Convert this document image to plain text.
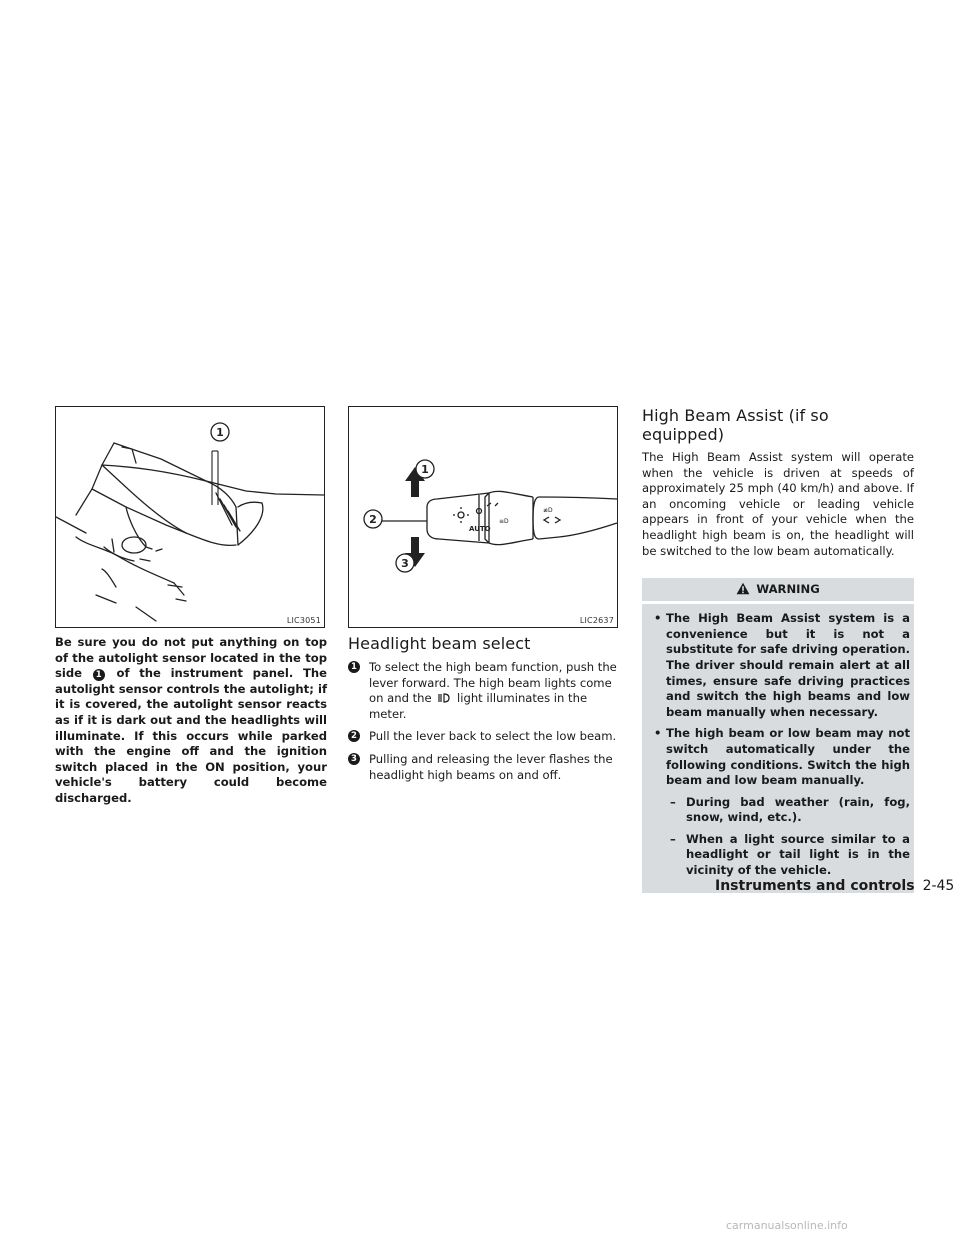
1
LIC3051

Be sure you do not put anything on top of the autolight sensor located in the top side 1 of the instrument panel. The autolight sensor controls the autolight; if it is covered, the autolight sensor reacts as if it is dark out and the headlights will illuminate. If this occurs while parked with the engine off and the ignition switch placed in the ON position, your vehicle's battery could become discharged.

AUTO
≡D
≢D
1
2
3
LIC2637
Headlight beam select
1 To select the high beam function, push the lever forward. The high beam lights come on and the light illuminates in the meter.
2 Pull the lever back to select the low beam.
3 Pulling and releasing the lever flashes the headlight high beams on and off.
High Beam Assist (if so equipped)

The High Beam Assist system will operate when the vehicle is driven at speeds of approximately 25 mph (40 km/h) and above. If an oncoming vehicle or leading vehicle appears in front of your vehicle when the headlight high beam is on, the headlight will be switched to the low beam automatically.

WARNING
• The High Beam Assist system is a convenience but it is not a substitute for safe driving operation. The driver should remain alert at all times, ensure safe driving practices and switch the high beams and low beam manually when necessary.
• The high beam or low beam may not switch automatically under the following conditions. Switch the high beam and low beam manually.
– During bad weather (rain, fog, snow, wind, etc.).
– When a light source similar to a headlight or tail light is in the vicinity of the vehicle.
Instruments and controls 2-45
carmanualsonline.info
